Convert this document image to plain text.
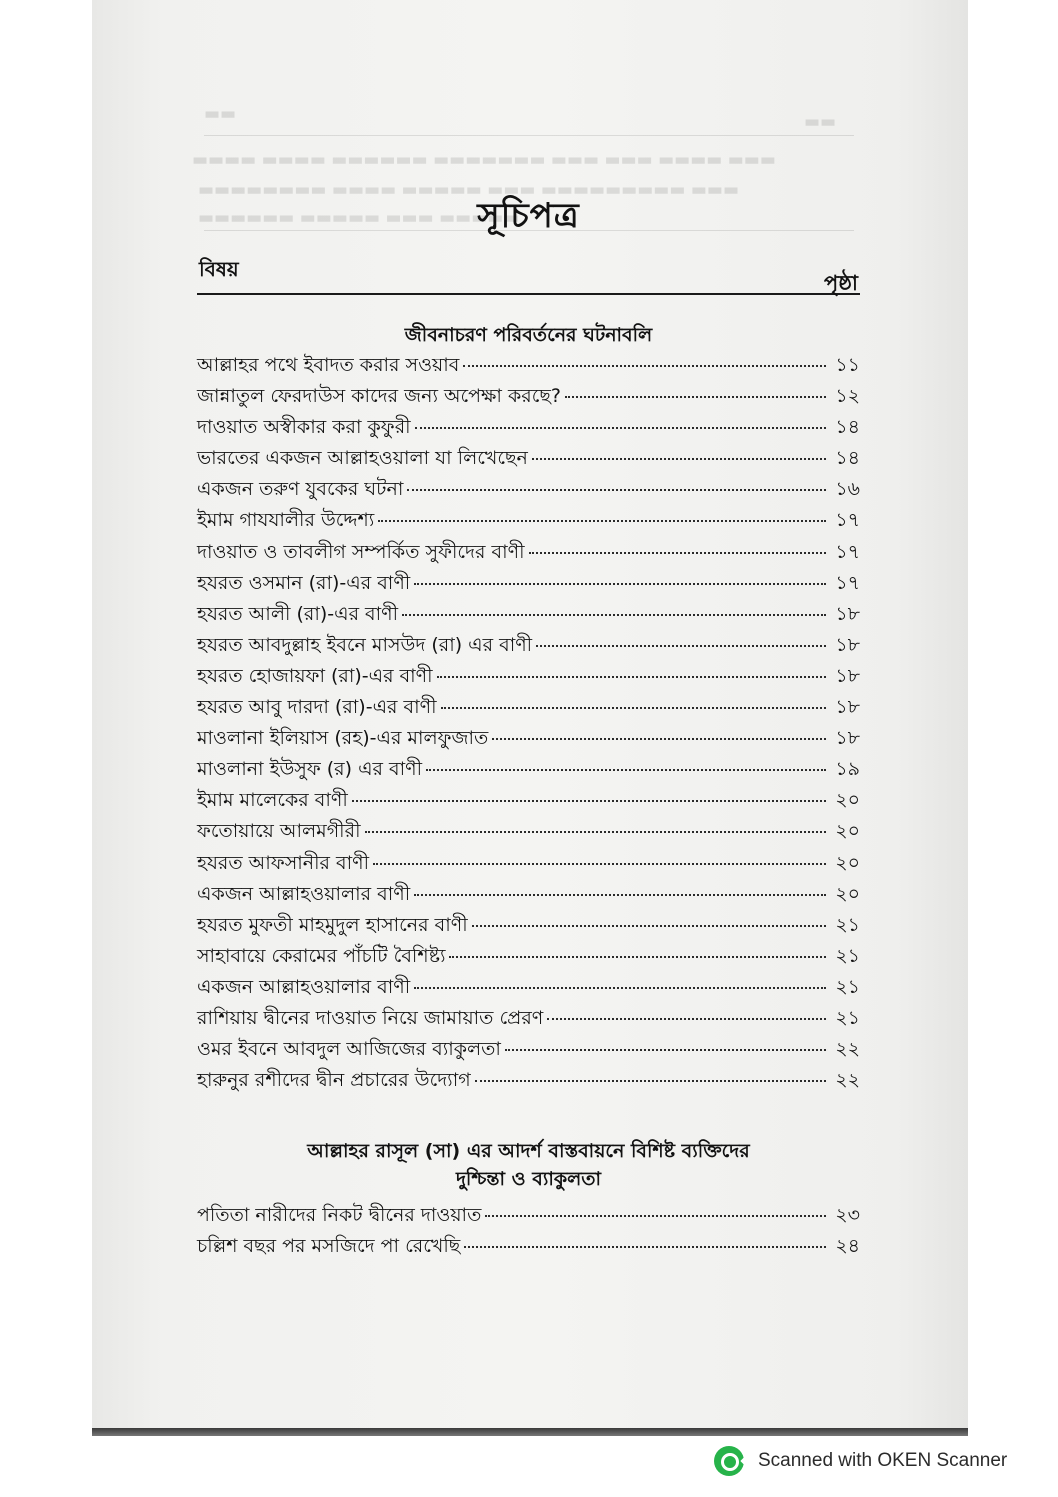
▬▬	▬▬
▬▬▬▬ ▬▬▬▬ ▬▬▬▬▬▬ ▬▬▬▬▬▬▬ ▬▬▬ ▬▬▬ ▬▬▬▬ ▬▬▬
▬▬▬▬▬▬▬▬ ▬▬▬▬ ▬▬▬▬▬ ▬▬▬ ▬▬▬▬▬▬▬▬▬ ▬▬▬
▬▬▬▬▬▬ ▬▬▬▬▬ ▬▬▬ ▬▬▬▬▬
সূচিপত্র
বিষয়
পৃষ্ঠা
জীবনাচরণ পরিবর্তনের ঘটনাবলি
আল্লাহর পথে ইবাদত করার সওয়াব	১১
জান্নাতুল ফেরদাউস কাদের জন্য অপেক্ষা করছে?	১২
দাওয়াত অস্বীকার করা কুফুরী	১৪
ভারতের একজন আল্লাহওয়ালা যা লিখেছেন	১৪
একজন তরুণ যুবকের ঘটনা	১৬
ইমাম গাযযালীর উদ্দেশ্য	১৭
দাওয়াত ও তাবলীগ সম্পর্কিত সুফীদের বাণী	১৭
হযরত ওসমান (রা)-এর বাণী	১৭
হযরত আলী (রা)-এর বাণী	১৮
হযরত আবদুল্লাহ ইবনে মাসউদ (রা) এর বাণী	১৮
হযরত হোজায়ফা (রা)-এর বাণী	১৮
হযরত আবু দারদা (রা)-এর বাণী	১৮
মাওলানা ইলিয়াস (রহ)-এর মালফুজাত	১৮
মাওলানা ইউসুফ (র) এর বাণী	১৯
ইমাম মালেকের বাণী	২০
ফতোয়ায়ে আলমগীরী	২০
হযরত আফসানীর বাণী	২০
একজন আল্লাহওয়ালার বাণী	২০
হযরত মুফতী মাহমুদুল হাসানের বাণী	২১
সাহাবায়ে কেরামের পাঁচটি বৈশিষ্ট্য	২১
একজন আল্লাহওয়ালার বাণী	২১
রাশিয়ায় দ্বীনের দাওয়াত নিয়ে জামায়াত প্রেরণ	২১
ওমর ইবনে আবদুল আজিজের ব্যাকুলতা	২২
হারুনুর রশীদের দ্বীন প্রচারের উদ্যোগ	২২
আল্লাহর রাসূল (সা) এর আদর্শ বাস্তবায়নে বিশিষ্ট ব্যক্তিদের
দুশ্চিন্তা ও ব্যাকুলতা
পতিতা নারীদের নিকট দ্বীনের দাওয়াত	২৩
চল্লিশ বছর পর মসজিদে পা রেখেছি	২৪
Scanned with OKEN Scanner
